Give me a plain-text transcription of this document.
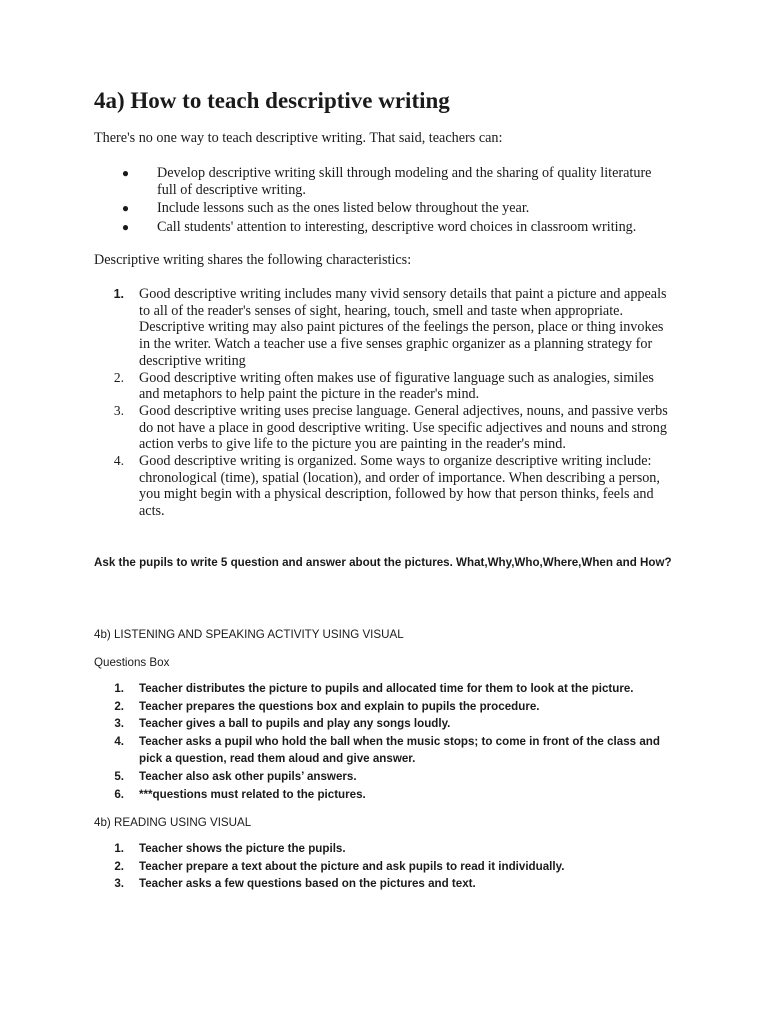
4a) How to teach descriptive writing

There's no one way to teach descriptive writing. That said, teachers can:

●	Develop descriptive writing skill through modeling and the sharing of quality literature full of descriptive writing.
●	Include lessons such as the ones listed below throughout the year.
●	Call students' attention to interesting, descriptive word choices in classroom writing.

Descriptive writing shares the following characteristics:

1. Good descriptive writing includes many vivid sensory details that paint a picture and appeals to all of the reader's senses of sight, hearing, touch, smell and taste when appropriate. Descriptive writing may also paint pictures of the feelings the person, place or thing invokes in the writer. Watch a teacher use a five senses graphic organizer as a planning strategy for descriptive writing
2. Good descriptive writing often makes use of figurative language such as analogies, similes and metaphors to help paint the picture in the reader's mind.
3. Good descriptive writing uses precise language. General adjectives, nouns, and passive verbs do not have a place in good descriptive writing. Use specific adjectives and nouns and strong action verbs to give life to the picture you are painting in the reader's mind.
4. Good descriptive writing is organized. Some ways to organize descriptive writing include: chronological (time), spatial (location), and order of importance. When describing a person, you might begin with a physical description, followed by how that person thinks, feels and acts.

Ask the pupils to write 5 question and answer about the pictures. What,Why,Who,Where,When and How?

4b) LISTENING AND SPEAKING ACTIVITY USING VISUAL

Questions Box

1. Teacher distributes the picture to pupils and allocated time for them to look at the picture.
2. Teacher prepares the questions box and explain to pupils the procedure.
3. Teacher gives a ball to pupils and play any songs loudly.
4. Teacher asks a pupil who hold the ball when the music stops; to come in front of the class and pick a question, read them aloud and give answer.
5. Teacher also ask other pupils’ answers.
6. ***questions must related to the pictures.

4b) READING USING VISUAL

1. Teacher shows the picture the pupils.
2. Teacher prepare a text about the picture and ask pupils to read it individually.
3. Teacher asks a few questions based on the pictures and text.
